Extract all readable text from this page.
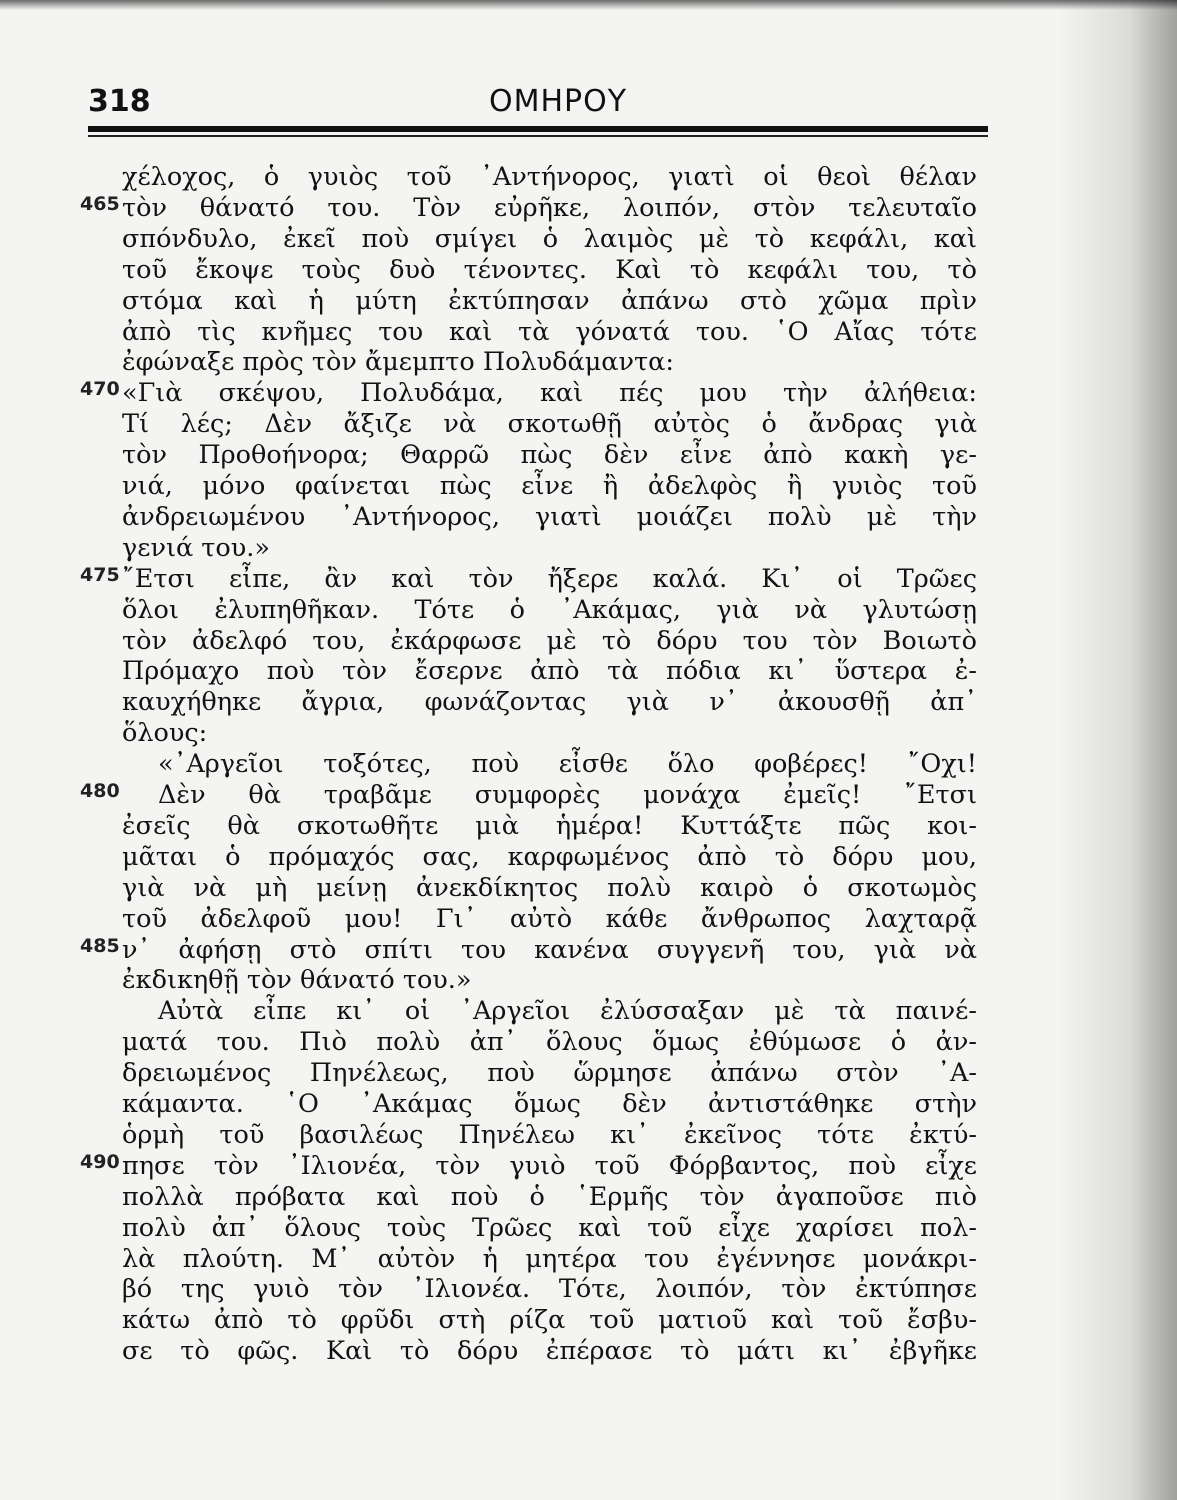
318	ΟΜΗΡΟΥ
χέλοχος, ὁ γυιὸς τοῦ ᾿Αντήνορος, γιατὶ οἱ θεοὶ θέλαν
465 τὸν θάνατό του. Τὸν εὐρῆκε, λοιπόν, στὸν τελευταῖο
σπόνδυλο, ἐκεῖ ποὺ σμίγει ὁ λαιμὸς μὲ τὸ κεφάλι, καὶ
τοῦ ἔκοψε τοὺς δυὸ τένοντες. Καὶ τὸ κεφάλι του, τὸ
στόμα καὶ ἡ μύτη ἐκτύπησαν ἀπάνω στὸ χῶμα πρὶν
ἀπὸ τὶς κνῆμες του καὶ τὰ γόνατά του. ῾Ο Αἴας τότε
ἐφώναξε πρὸς τὸν ἄμεμπτο Πολυδάμαντα:
470 «Γιὰ σκέψου, Πολυδάμα, καὶ πές μου τὴν ἀλήθεια:
Τί λές; Δὲν ἄξιζε νὰ σκοτωθῇ αὐτὸς ὁ ἄνδρας γιὰ
τὸν Προθοήνορα; Θαρρῶ πὼς δὲν εἶνε ἀπὸ κακὴ γε-
νιά, μόνο φαίνεται πὼς εἶνε ἢ ἀδελφὸς ἢ γυιὸς τοῦ
ἀνδρειωμένου ᾿Αντήνορος, γιατὶ μοιάζει πολὺ μὲ τὴν
γενιά του.»
475 ῎Ετσι εἶπε, ἂν καὶ τὸν ἤξερε καλά. Κι᾿ οἱ Τρῶες
ὅλοι ἐλυπηθῆκαν. Τότε ὁ ᾿Ακάμας, γιὰ νὰ γλυτώσῃ
τὸν ἀδελφό του, ἐκάρφωσε μὲ τὸ δόρυ του τὸν Βοιωτὸ
Πρόμαχο ποὺ τὸν ἔσερνε ἀπὸ τὰ πόδια κι᾿ ὕστερα ἐ-
καυχήθηκε ἄγρια, φωνάζοντας γιὰ ν᾿ ἀκουσθῇ ἀπ᾿
ὅλους:
«᾿Αργεῖοι τοξότες, ποὺ εἶσθε ὅλο φοβέρες! ῎Οχι!
480 Δὲν θὰ τραβᾶμε συμφορὲς μονάχα ἐμεῖς! ῎Ετσι
ἐσεῖς θὰ σκοτωθῆτε μιὰ ἡμέρα! Κυττάξτε πῶς κοι-
μᾶται ὁ πρόμαχός σας, καρφωμένος ἀπὸ τὸ δόρυ μου,
γιὰ νὰ μὴ μείνῃ ἀνεκδίκητος πολὺ καιρὸ ὁ σκοτωμὸς
τοῦ ἀδελφοῦ μου! Γι᾿ αὐτὸ κάθε ἄνθρωπος λαχταρᾷ
485 ν᾿ ἀφήσῃ στὸ σπίτι του κανένα συγγενῆ του, γιὰ νὰ
ἐκδικηθῇ τὸν θάνατό του.»
Αὐτὰ εἶπε κι᾿ οἱ ᾿Αργεῖοι ἐλύσσαξαν μὲ τὰ παινέ-
ματά του. Πιὸ πολὺ ἀπ᾿ ὅλους ὅμως ἐθύμωσε ὁ ἀν-
δρειωμένος Πηνέλεως, ποὺ ὥρμησε ἀπάνω στὸν ᾿Α-
κάμαντα. ῾Ο ᾿Ακάμας ὅμως δὲν ἀντιστάθηκε στὴν
ὁρμὴ τοῦ βασιλέως Πηνέλεω κι᾿ ἐκεῖνος τότε ἐκτύ-
490 πησε τὸν ᾿Ιλιονέα, τὸν γυιὸ τοῦ Φόρβαντος, ποὺ εἶχε
πολλὰ πρόβατα καὶ ποὺ ὁ ῾Ερμῆς τὸν ἀγαποῦσε πιὸ
πολὺ ἀπ᾿ ὅλους τοὺς Τρῶες καὶ τοῦ εἶχε χαρίσει πολ-
λὰ πλούτη. Μ᾿ αὐτὸν ἡ μητέρα του ἐγέννησε μονάκρι-
βό της γυιὸ τὸν ᾿Ιλιονέα. Τότε, λοιπόν, τὸν ἐκτύπησε
κάτω ἀπὸ τὸ φρῦδι στὴ ρίζα τοῦ ματιοῦ καὶ τοῦ ἔσβυ-
σε τὸ φῶς. Καὶ τὸ δόρυ ἐπέρασε τὸ μάτι κι᾿ ἐβγῆκε
